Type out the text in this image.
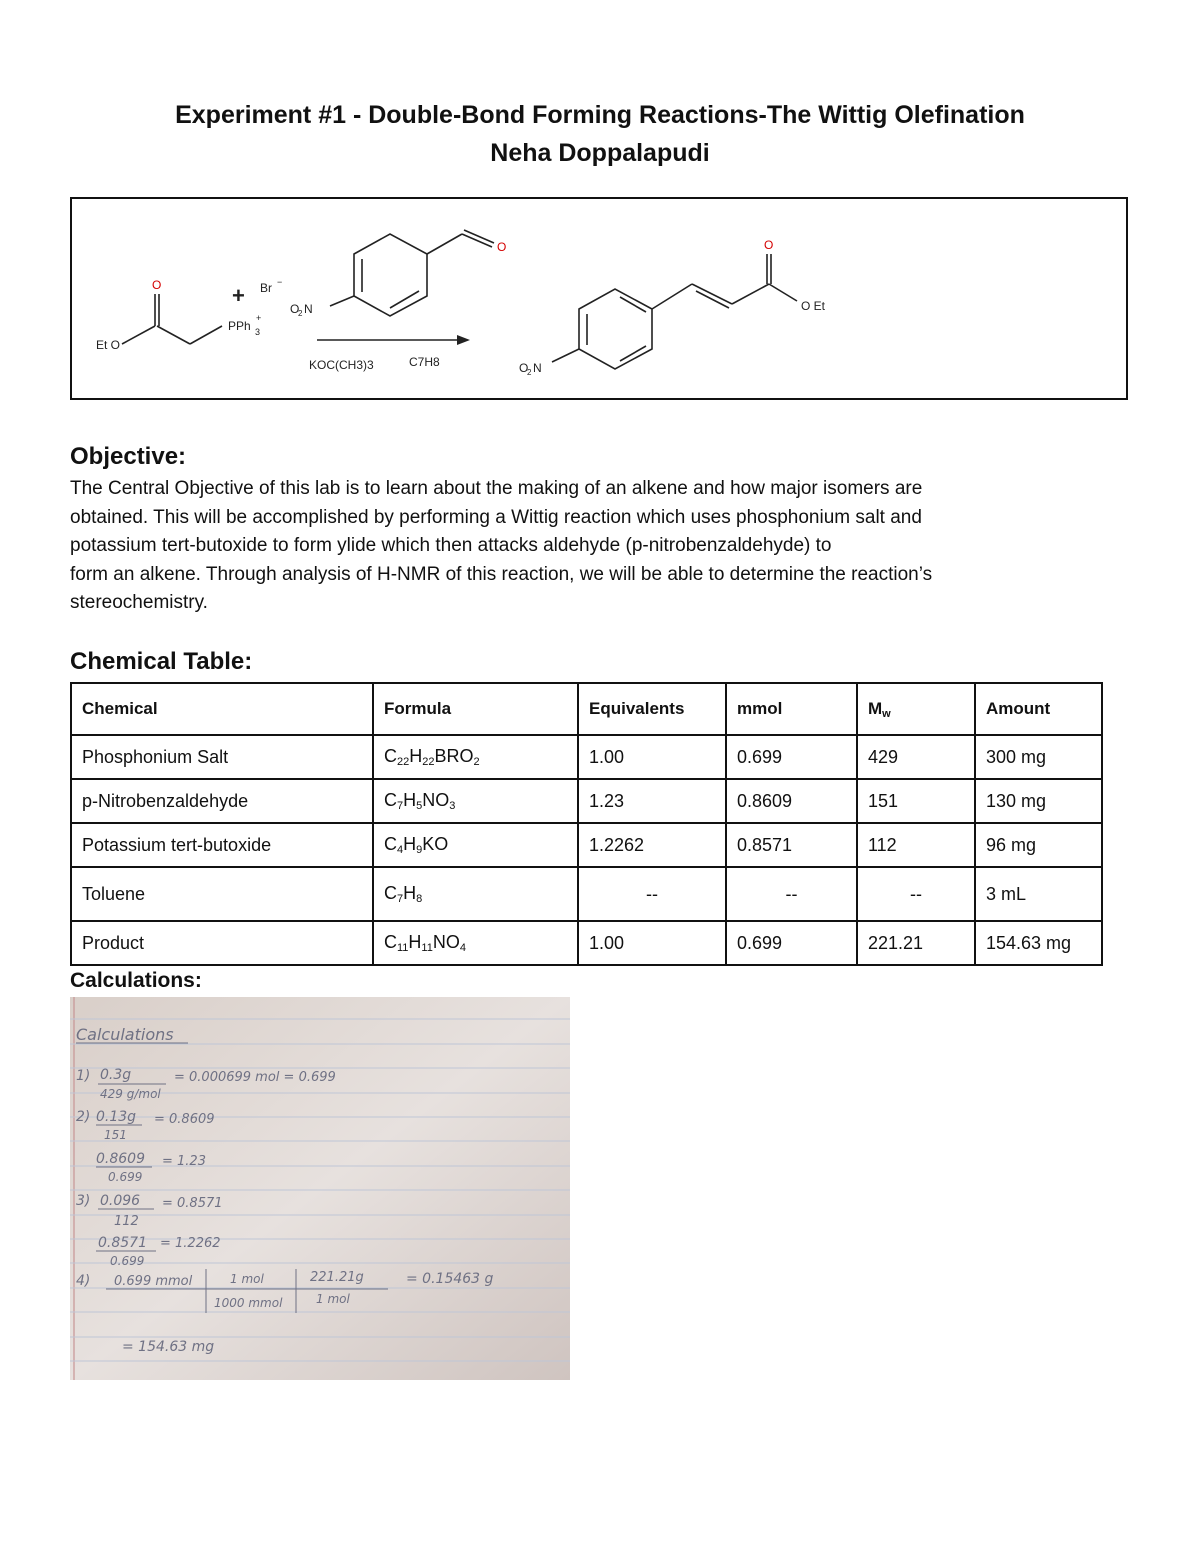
Experiment #1 - Double-Bond Forming Reactions-The Wittig Olefination
Neha Doppalapudi
O
Et O
PPh 3
+
Br −
+
O
O
2 N
KOC(CH3)3	C7H8
O
O Et
O
2 N
Objective:

The Central Objective of this lab is to learn about the making of an alkene and how major isomers are
obtained. This will be accomplished by performing a Wittig reaction which uses phosphonium salt and
potassium tert-butoxide to form ylide which then attacks aldehyde (p-nitrobenzaldehyde) to
form an alkene. Through analysis of H-NMR of this reaction, we will be able to determine the reaction’s
stereochemistry.

Chemical Table:
Chemical	Formula	Equivalents	mmol	$M_w$	Amount
Phosphonium Salt	$C_{22}H_{22}BRO_2$	1.00	0.699	429	300 mg
p-Nitrobenzaldehyde	$C_7H_5NO_3$	1.23	0.8609	151	130 mg
Potassium tert-butoxide	$C_4H_9KO$	1.2262	0.8571	112	96 mg
Toluene	$C_7H_8$	--	--	--	3 mL
Product	$C_{11}H_{11}NO_4$	1.00	0.699	221.21	154.63 mg
Calculations:
Calculations
1) 0.3g
429 g/mol
= 0.000699 mol = 0.699
2) 0.13g
151
= 0.8609
0.8609
0.699
= 1.23
3) 0.096
112
= 0.8571
0.8571
0.699
= 1.2262
4) 0.699 mmol	1 mol
1000 mmol
221.21g
1 mol
= 0.15463 g
= 154.63 mg
